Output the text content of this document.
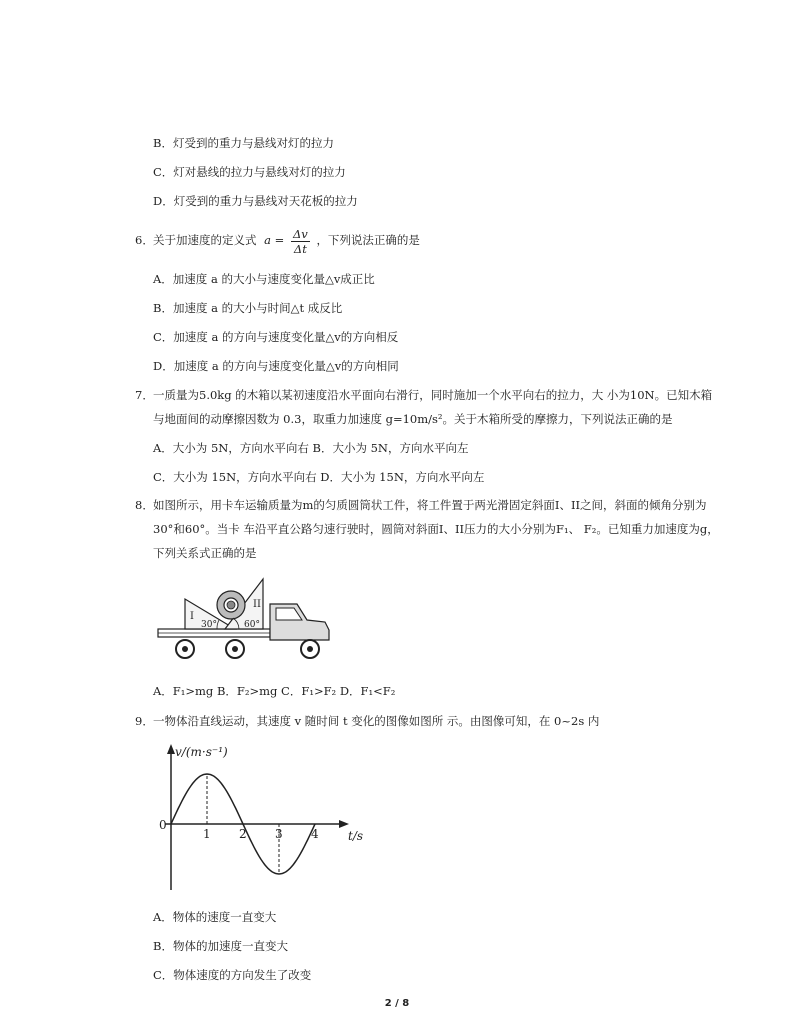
B．灯受到的重力与悬线对灯的拉力
C．灯对悬线的拉力与悬线对灯的拉力
D．灯受到的重力与悬线对天花板的拉力
6． 关于加速度的定义式 $a = \frac{\Delta v}{\Delta t}$ ，下列说法正确的是
A．加速度 a 的大小与速度变化量△v成正比
B．加速度 a 的大小与时间△t 成反比
C．加速度 a 的方向与速度变化量△v的方向相反
D．加速度 a 的方向与速度变化量△v的方向相同
7． 一质量为5.0kg 的木箱以某初速度沿水平面向右滑行，同时施加一个水平向右的拉力，大 小为10N。已知木箱
与地面间的动摩擦因数为 0.3，取重力加速度 g=10m/s²。关于木箱所受的摩擦力，下列说法正确的是
A．大小为 5N，方向水平向右 B．大小为 5N，方向水平向左
C．大小为 15N，方向水平向右 D．大小为 15N，方向水平向左
8． 如图所示，用卡车运输质量为m的匀质圆筒状工件，将工件置于两光滑固定斜面I、II之间，斜面的倾角分别为
30°和60°。当卡 车沿平直公路匀速行驶时，圆筒对斜面I、II压力的大小分别为F₁、 F₂。已知重力加速度为g，
下列关系式正确的是
I
II
30°	60°
A．F₁>mg B．F₂>mg C．F₁>F₂ D．F₁<F₂
9． 一物体沿直线运动，其速度 v 随时间 t 变化的图像如图所 示。由图像可知，在 0~2s 内
v/(m·s⁻¹)
t/s
0
1 2 3 4
A．物体的速度一直变大
B．物体的加速度一直变大
C．物体速度的方向发生了改变
2 / 8
